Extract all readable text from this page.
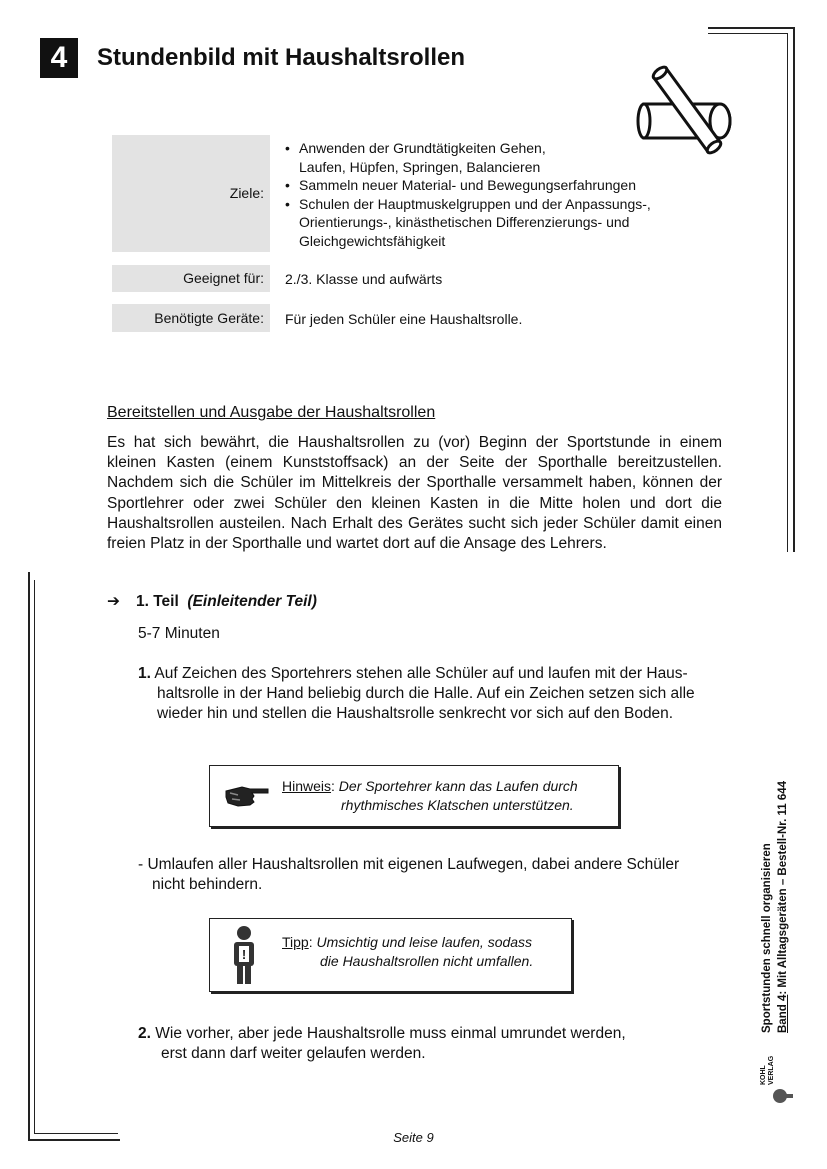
4	Stundenbild mit Haushaltsrollen
Ziele:
• Anwenden der Grundtätigkeiten Gehen,
Laufen, Hüpfen, Springen, Balancieren
• Sammeln neuer Material- und Bewegungserfahrungen
• Schulen der Hauptmuskelgruppen und der Anpassungs-,
Orientierungs-, kinästhetischen Differenzierungs- und
Gleichgewichtsfähigkeit
Geeignet für:	2./3. Klasse und aufwärts
Benötigte Geräte:	Für jeden Schüler eine Haushaltsrolle.
Bereitstellen und Ausgabe der Haushaltsrollen
Es hat sich bewährt, die Haushaltsrollen zu (vor) Beginn der Sportstunde in einem kleinen Kasten (einem Kunststoffsack) an der Seite der Sporthalle bereitzustellen. Nachdem sich die Schüler im Mittelkreis der Sporthalle versammelt haben, können der Sportlehrer oder zwei Schüler den kleinen Kasten in die Mitte holen und dort die Haushaltsrollen austeilen. Nach Erhalt des Gerätes sucht sich jeder Schüler damit einen freien Platz in der Sporthalle und wartet dort auf die Ansage des Lehrers.
➔ 1. Teil (Einleitender Teil)
5-7 Minuten
1. Auf Zeichen des Sportehrers stehen alle Schüler auf und laufen mit der Haus-
haltsrolle in der Hand beliebig durch die Halle. Auf ein Zeichen setzen sich alle wieder hin und stellen die Haushaltsrolle senkrecht vor sich auf den Boden.
Hinweis: Der Sportehrer kann das Laufen durch
rhythmisches Klatschen unterstützen.
- Umlaufen aller Haushaltsrollen mit eigenen Laufwegen, dabei andere Schüler
nicht behindern.
!
Tipp: Umsichtig und leise laufen, sodass
die Haushaltsrollen nicht umfallen.
2. Wie vorher, aber jede Haushaltsrolle muss einmal umrundet werden,
erst dann darf weiter gelaufen werden.
KOHL VERLAG
Sportstunden schnell organisieren Band 4: Mit Alltagsgeräten – Bestell-Nr. 11 644
Seite 9
